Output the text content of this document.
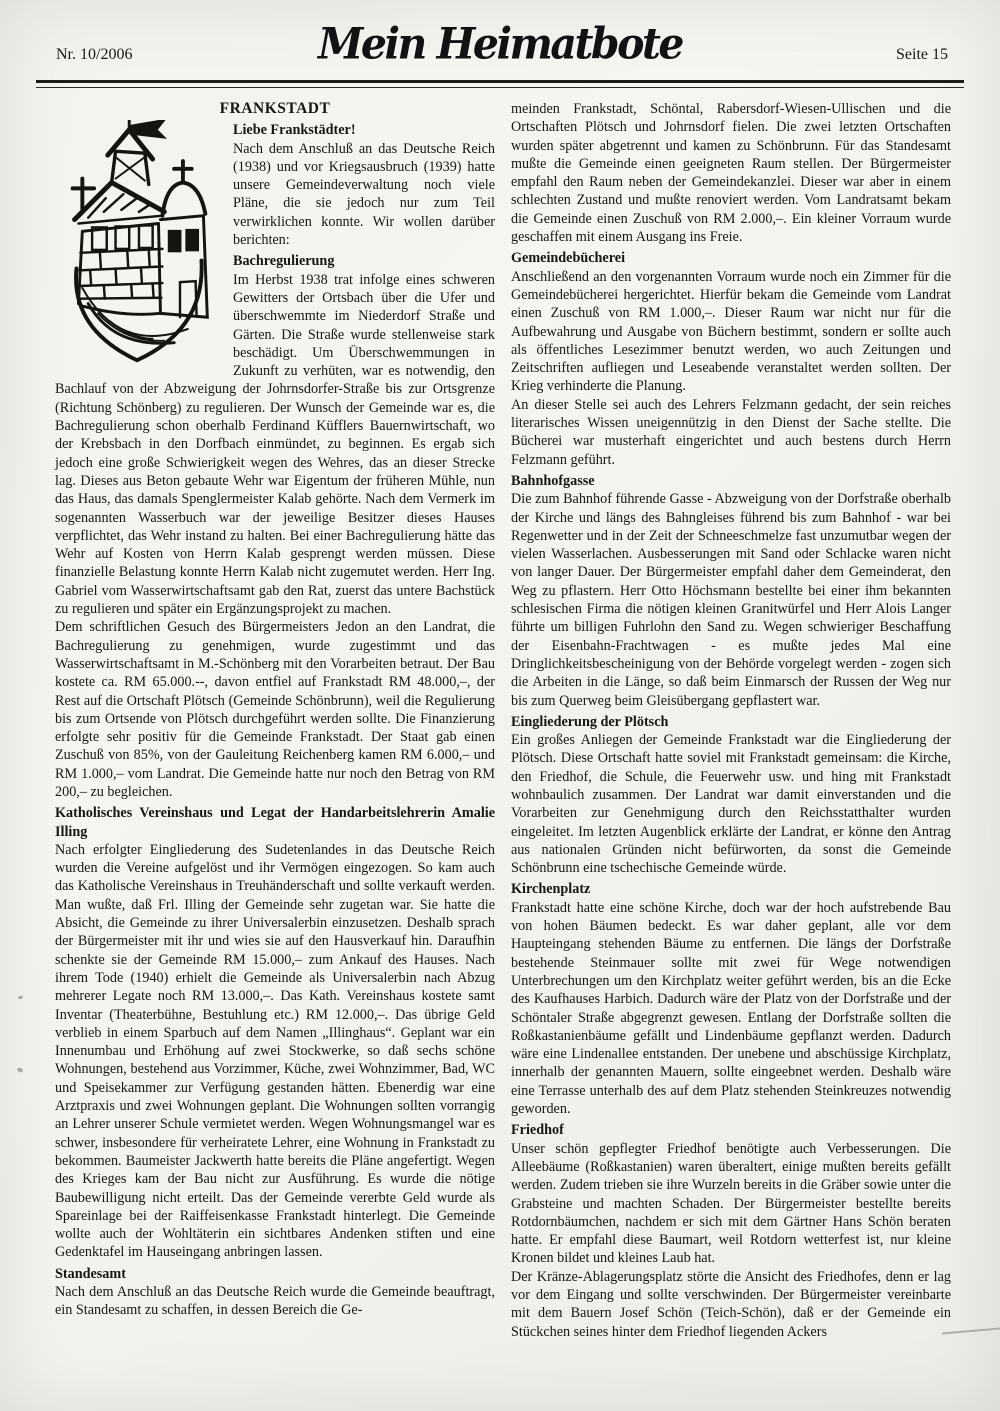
Nr. 10/2006	Mein Heimatbote	Seite 15

FRANKSTADT

Liebe Frankstädter!

Nach dem Anschluß an das Deutsche Reich (1938) und vor Kriegsausbruch (1939) hatte unsere Gemeindeverwaltung noch viele Pläne, die sie jedoch nur zum Teil verwirklichen konnte. Wir wollen darüber berichten:

Bachregulierung

Im Herbst 1938 trat infolge eines schweren Gewitters der Ortsbach über die Ufer und überschwemmte im Niederdorf Straße und Gärten. Die Straße wurde stellenweise stark beschädigt. Um Überschwemmungen in Zukunft zu verhüten, war es notwendig, den Bachlauf von der Abzweigung der Johrnsdorfer-Straße bis zur Ortsgrenze (Richtung Schönberg) zu regulieren. Der Wunsch der Gemeinde war es, die Bachregulierung schon oberhalb Ferdinand Küfflers Bauernwirtschaft, wo der Krebsbach in den Dorfbach einmündet, zu beginnen. Es ergab sich jedoch eine große Schwierigkeit wegen des Wehres, das an dieser Strecke lag. Dieses aus Beton gebaute Wehr war Eigentum der früheren Mühle, nun das Haus, das damals Spenglermeister Kalab gehörte. Nach dem Vermerk im sogenannten Wasserbuch war der jeweilige Besitzer dieses Hauses verpflichtet, das Wehr instand zu halten. Bei einer Bachregulierung hätte das Wehr auf Kosten von Herrn Kalab gesprengt werden müssen. Diese finanzielle Belastung konnte Herrn Kalab nicht zugemutet werden. Herr Ing. Gabriel vom Wasserwirtschaftsamt gab den Rat, zuerst das untere Bachstück zu regulieren und später ein Ergänzungsprojekt zu machen.

Dem schriftlichen Gesuch des Bürgermeisters Jedon an den Landrat, die Bachregulierung zu genehmigen, wurde zugestimmt und das Wasserwirtschaftsamt in M.-Schönberg mit den Vorarbeiten betraut. Der Bau kostete ca. RM 65.000.--, davon entfiel auf Frankstadt RM 48.000,–, der Rest auf die Ortschaft Plötsch (Gemeinde Schönbrunn), weil die Regulierung bis zum Ortsende von Plötsch durchgeführt werden sollte. Die Finanzierung erfolgte sehr positiv für die Gemeinde Frankstadt. Der Staat gab einen Zuschuß von 85%, von der Gauleitung Reichenberg kamen RM 6.000,– und RM 1.000,– vom Landrat. Die Gemeinde hatte nur noch den Betrag von RM 200,– zu begleichen.

Katholisches Vereinshaus und Legat der Handarbeitslehrerin Amalie Illing

Nach erfolgter Eingliederung des Sudetenlandes in das Deutsche Reich wurden die Vereine aufgelöst und ihr Vermögen eingezogen. So kam auch das Katholische Vereinshaus in Treuhänderschaft und sollte verkauft werden. Man wußte, daß Frl. Illing der Gemeinde sehr zugetan war. Sie hatte die Absicht, die Gemeinde zu ihrer Universalerbin einzusetzen. Deshalb sprach der Bürgermeister mit ihr und wies sie auf den Hausverkauf hin. Daraufhin schenkte sie der Gemeinde RM 15.000,– zum Ankauf des Hauses. Nach ihrem Tode (1940) erhielt die Gemeinde als Universalerbin nach Abzug mehrerer Legate noch RM 13.000,–. Das Kath. Vereinshaus kostete samt Inventar (Theaterbühne, Bestuhlung etc.) RM 12.000,–. Das übrige Geld verblieb in einem Sparbuch auf dem Namen „Illinghaus“. Geplant war ein Innenumbau und Erhöhung auf zwei Stockwerke, so daß sechs schöne Wohnungen, bestehend aus Vorzimmer, Küche, zwei Wohnzimmer, Bad, WC und Speisekammer zur Verfügung gestanden hätten. Ebenerdig war eine Arztpraxis und zwei Wohnungen geplant. Die Wohnungen sollten vorrangig an Lehrer unserer Schule vermietet werden. Wegen Wohnungsmangel war es schwer, insbesondere für verheiratete Lehrer, eine Wohnung in Frankstadt zu bekommen. Baumeister Jackwerth hatte bereits die Pläne angefertigt. Wegen des Krieges kam der Bau nicht zur Ausführung. Es wurde die nötige Baubewilligung nicht erteilt. Das der Gemeinde vererbte Geld wurde als Spareinlage bei der Raiffeisenkasse Frankstadt hinterlegt. Die Gemeinde wollte auch der Wohltäterin ein sichtbares Andenken stiften und eine Gedenktafel im Hauseingang anbringen lassen.

Standesamt

Nach dem Anschluß an das Deutsche Reich wurde die Gemeinde beauftragt, ein Standesamt zu schaffen, in dessen Bereich die Ge-

meinden Frankstadt, Schöntal, Rabersdorf-Wiesen-Ullischen und die Ortschaften Plötsch und Johrnsdorf fielen. Die zwei letzten Ortschaften wurden später abgetrennt und kamen zu Schönbrunn. Für das Standesamt mußte die Gemeinde einen geeigneten Raum stellen. Der Bürgermeister empfahl den Raum neben der Gemeindekanzlei. Dieser war aber in einem schlechten Zustand und mußte renoviert werden. Vom Landratsamt bekam die Gemeinde einen Zuschuß von RM 2.000,–. Ein kleiner Vorraum wurde geschaffen mit einem Ausgang ins Freie.

Gemeindebücherei

Anschließend an den vorgenannten Vorraum wurde noch ein Zimmer für die Gemeindebücherei hergerichtet. Hierfür bekam die Gemeinde vom Landrat einen Zuschuß von RM 1.000,–. Dieser Raum war nicht nur für die Aufbewahrung und Ausgabe von Büchern bestimmt, sondern er sollte auch als öffentliches Lesezimmer benutzt werden, wo auch Zeitungen und Zeitschriften aufliegen und Leseabende veranstaltet werden sollten. Der Krieg verhinderte die Planung.

An dieser Stelle sei auch des Lehrers Felzmann gedacht, der sein reiches literarisches Wissen uneigennützig in den Dienst der Sache stellte. Die Bücherei war musterhaft eingerichtet und auch bestens durch Herrn Felzmann geführt.

Bahnhofgasse

Die zum Bahnhof führende Gasse - Abzweigung von der Dorfstraße oberhalb der Kirche und längs des Bahngleises führend bis zum Bahnhof - war bei Regenwetter und in der Zeit der Schneeschmelze fast unzumutbar wegen der vielen Wasserlachen. Ausbesserungen mit Sand oder Schlacke waren nicht von langer Dauer. Der Bürgermeister empfahl daher dem Gemeinderat, den Weg zu pflastern. Herr Otto Höchsmann bestellte bei einer ihm bekannten schlesischen Firma die nötigen kleinen Granitwürfel und Herr Alois Langer führte um billigen Fuhrlohn den Sand zu. Wegen schwieriger Beschaffung der Eisenbahn-Frachtwagen - es mußte jedes Mal eine Dringlichkeitsbescheinigung von der Behörde vorgelegt werden - zogen sich die Arbeiten in die Länge, so daß beim Einmarsch der Russen der Weg nur bis zum Querweg beim Gleisübergang gepflastert war.

Eingliederung der Plötsch

Ein großes Anliegen der Gemeinde Frankstadt war die Eingliederung der Plötsch. Diese Ortschaft hatte soviel mit Frankstadt gemeinsam: die Kirche, den Friedhof, die Schule, die Feuerwehr usw. und hing mit Frankstadt wohnbaulich zusammen. Der Landrat war damit einverstanden und die Vorarbeiten zur Genehmigung durch den Reichsstatthalter wurden eingeleitet. Im letzten Augenblick erklärte der Landrat, er könne den Antrag aus nationalen Gründen nicht befürworten, da sonst die Gemeinde Schönbrunn eine tschechische Gemeinde würde.

Kirchenplatz

Frankstadt hatte eine schöne Kirche, doch war der hoch aufstrebende Bau von hohen Bäumen bedeckt. Es war daher geplant, alle vor dem Haupteingang stehenden Bäume zu entfernen. Die längs der Dorfstraße bestehende Steinmauer sollte mit zwei für Wege notwendigen Unterbrechungen um den Kirchplatz weiter geführt werden, bis an die Ecke des Kaufhauses Harbich. Dadurch wäre der Platz von der Dorfstraße und der Schöntaler Straße abgegrenzt gewesen. Entlang der Dorfstraße sollten die Roßkastanienbäume gefällt und Lindenbäume gepflanzt werden. Dadurch wäre eine Lindenallee entstanden. Der unebene und abschüssige Kirchplatz, innerhalb der genannten Mauern, sollte eingeebnet werden. Deshalb wäre eine Terrasse unterhalb des auf dem Platz stehenden Steinkreuzes notwendig geworden.

Friedhof

Unser schön gepflegter Friedhof benötigte auch Verbesserungen. Die Alleebäume (Roßkastanien) waren überaltert, einige mußten bereits gefällt werden. Zudem trieben sie ihre Wurzeln bereits in die Gräber sowie unter die Grabsteine und machten Schaden. Der Bürgermeister bestellte bereits Rotdornbäumchen, nachdem er sich mit dem Gärtner Hans Schön beraten hatte. Er empfahl diese Baumart, weil Rotdorn wetterfest ist, nur kleine Kronen bildet und kleines Laub hat.

Der Kränze-Ablagerungsplatz störte die Ansicht des Friedhofes, denn er lag vor dem Eingang und sollte verschwinden. Der Bürgermeister vereinbarte mit dem Bauern Josef Schön (Teich-Schön), daß er der Gemeinde ein Stückchen seines hinter dem Friedhof liegenden Ackers
